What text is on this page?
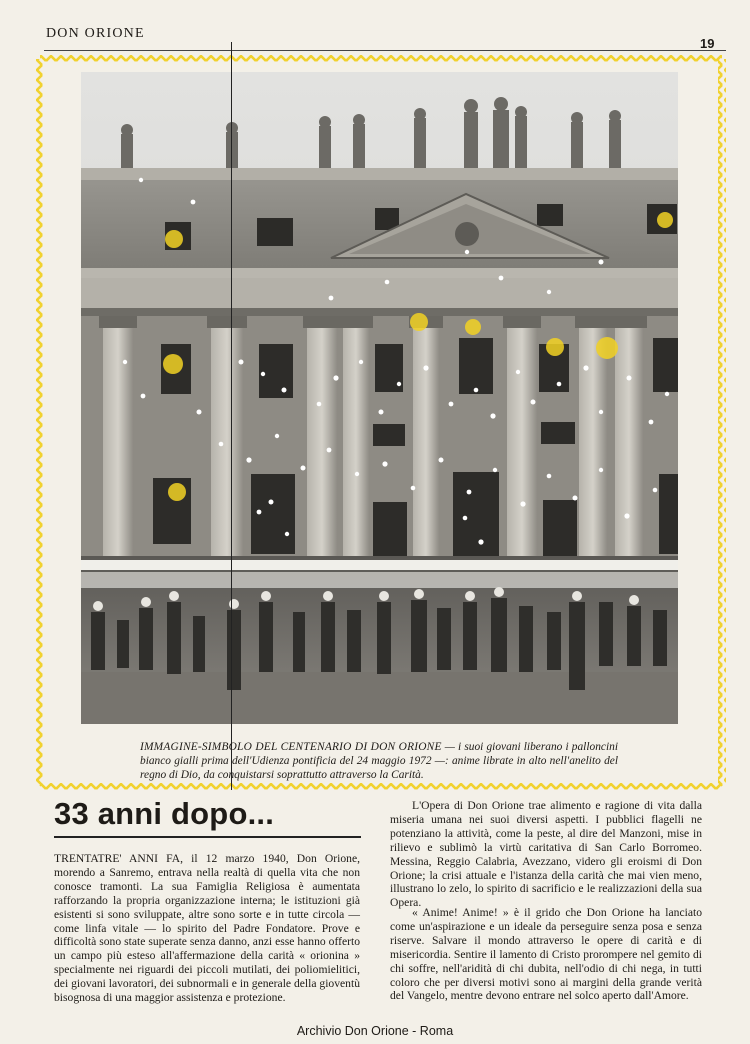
DON ORIONE
19
IMMAGINE-SIMBOLO DEL CENTENARIO DI DON ORIONE — i suoi giovani liberano i palloncini bianco gialli prima dell'Udienza pontificia del 24 maggio 1972 —: anime librate in alto nell'anelito del regno di Dio, da conquistarsi soprattutto attraverso la Carità.
33 anni dopo...

TRENTATRE' ANNI FA, il 12 marzo 1940, Don Orione, morendo a Sanremo, entrava nella realtà di quella vita che non conosce tramonti. La sua Famiglia Religiosa è aumentata rafforzando la propria organizzazione interna; le istituzioni già esistenti si sono sviluppate, altre sono sorte e in tutte circola — come linfa vitale — lo spirito del Padre Fondatore. Prove e difficoltà sono state superate senza danno, anzi esse hanno offerto un campo più esteso all'affermazione della carità « orionina » specialmente nei riguardi dei piccoli mutilati, dei poliomielitici, dei giovani lavoratori, dei subnormali e in generale della gioventù bisognosa di una maggior assistenza e protezione.

L'Opera di Don Orione trae alimento e ragione di vita dalla miseria umana nei suoi diversi aspetti. I pubblici flagelli ne potenziano la attività, come la peste, al dire del Manzoni, mise in rilievo e sublimò la virtù caritativa di San Carlo Borromeo. Messina, Reggio Calabria, Avezzano, videro gli eroismi di Don Orione; la crisi attuale e l'istanza della carità che mai vien meno, illustrano lo zelo, lo spirito di sacrificio e le realizzazioni della sua Opera.

« Anime! Anime! » è il grido che Don Orione ha lanciato come un'aspirazione e un ideale da perseguire senza posa e senza riserve. Salvare il mondo attraverso le opere di carità e di misericordia. Sentire il lamento di Cristo prorompere nel gemito di chi soffre, nell'aridità di chi dubita, nell'odio di chi nega, in tutti coloro che per diversi motivi sono ai margini della grande verità del Vangelo, mentre devono entrare nel solco aperto dall'Amore.

Archivio Don Orione - Roma
